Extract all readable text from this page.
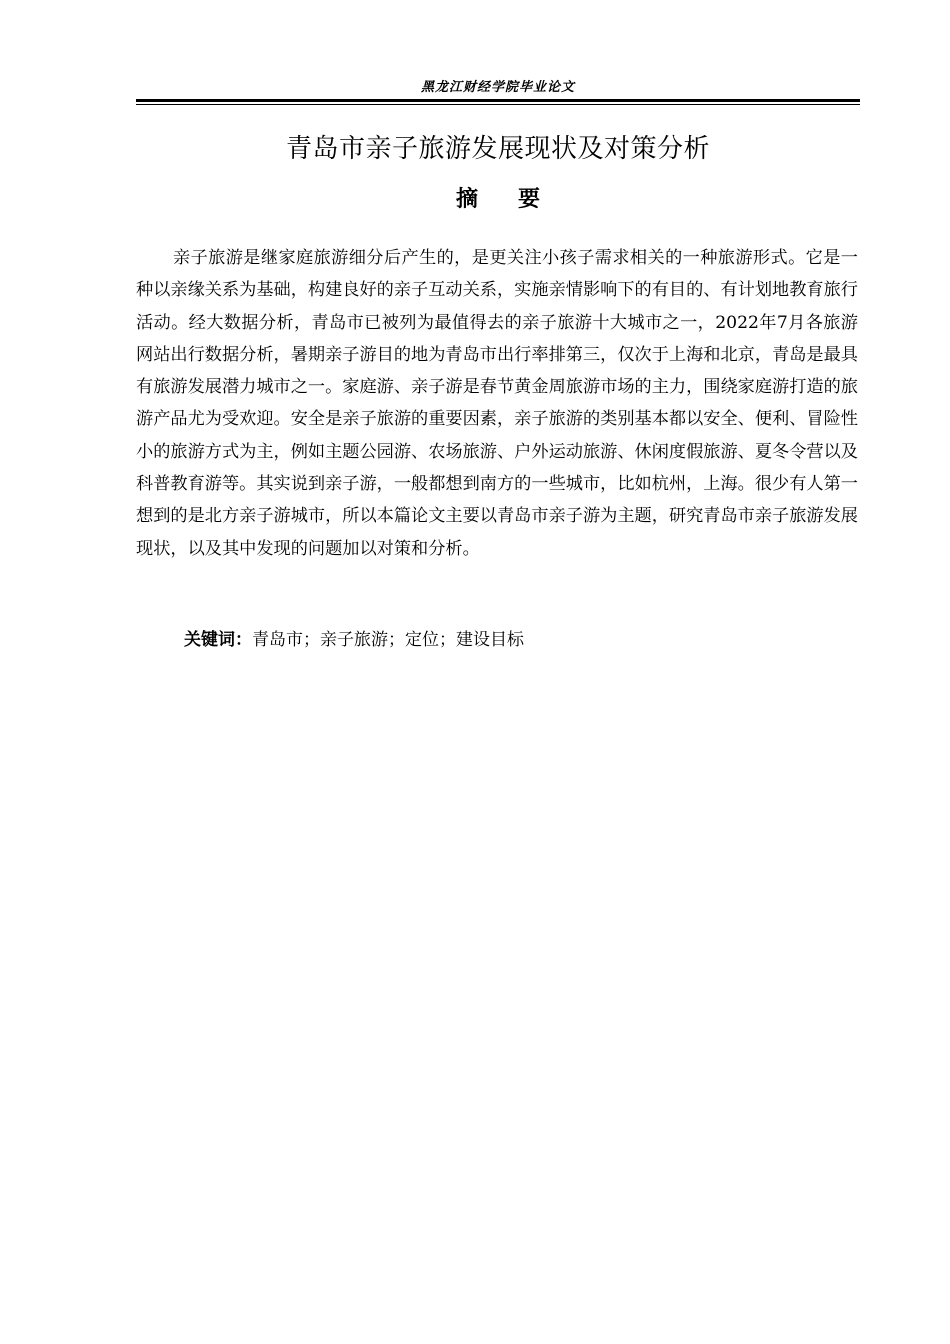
黑龙江财经学院毕业论文
青岛市亲子旅游发展现状及对策分析
摘要

亲子旅游是继家庭旅游细分后产生的，是更关注小孩子需求相关的一种旅游形式。它是一种以亲缘关系为基础，构建良好的亲子互动关系，实施亲情影响下的有目的、有计划地教育旅行活动。经大数据分析，青岛市已被列为最值得去的亲子旅游十大城市之一，2022年7月各旅游网站出行数据分析，暑期亲子游目的地为青岛市出行率排第三，仅次于上海和北京，青岛是最具有旅游发展潜力城市之一。家庭游、亲子游是春节黄金周旅游市场的主力，围绕家庭游打造的旅游产品尤为受欢迎。安全是亲子旅游的重要因素，亲子旅游的类别基本都以安全、便利、冒险性小的旅游方式为主，例如主题公园游、农场旅游、户外运动旅游、休闲度假旅游、夏冬令营以及科普教育游等。其实说到亲子游，一般都想到南方的一些城市，比如杭州，上海。很少有人第一想到的是北方亲子游城市，所以本篇论文主要以青岛市亲子游为主题，研究青岛市亲子旅游发展现状，以及其中发现的问题加以对策和分析。

关键词：青岛市；亲子旅游；定位；建设目标
